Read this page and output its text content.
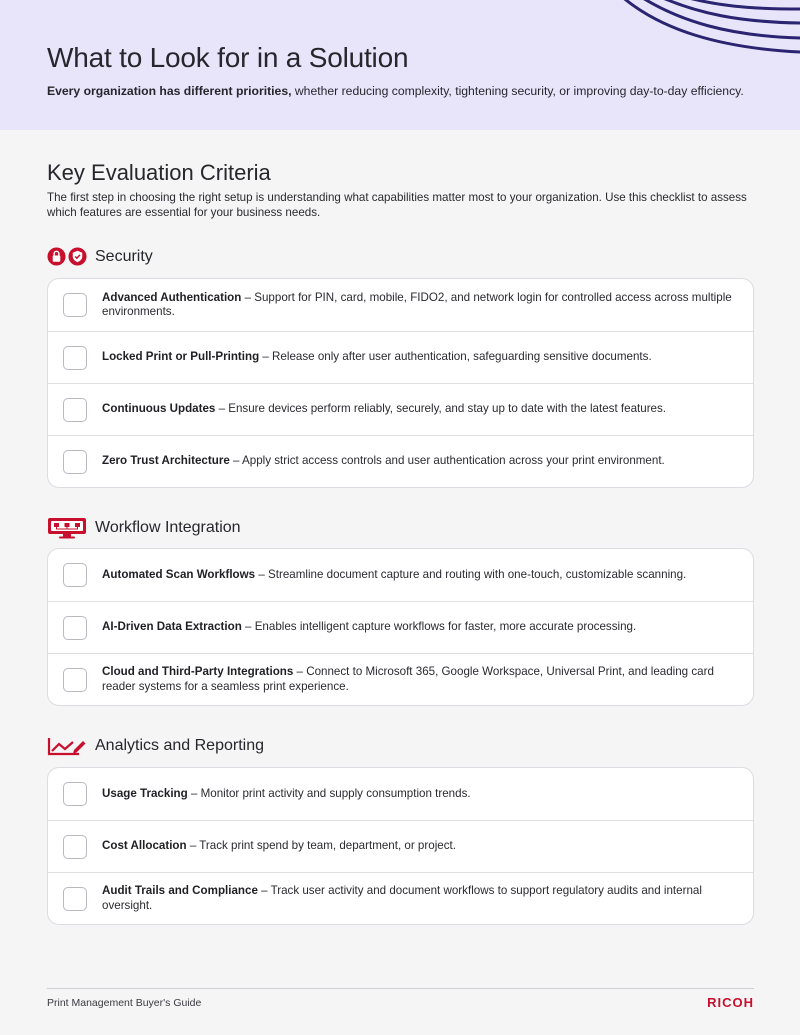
What to Look for in a Solution

Every organization has different priorities, whether reducing complexity, tightening security, or improving day-to-day efficiency.

Key Evaluation Criteria

The first step in choosing the right setup is understanding what capabilities matter most to your organization. Use this checklist to assess which features are essential for your business needs.

Security

Advanced Authentication – Support for PIN, card, mobile, FIDO2, and network login for controlled access across multiple environments.

Locked Print or Pull-Printing – Release only after user authentication, safeguarding sensitive documents.

Continuous Updates – Ensure devices perform reliably, securely, and stay up to date with the latest features.

Zero Trust Architecture – Apply strict access controls and user authentication across your print environment.

Workflow Integration

Automated Scan Workflows – Streamline document capture and routing with one-touch, customizable scanning.

AI-Driven Data Extraction – Enables intelligent capture workflows for faster, more accurate processing.

Cloud and Third-Party Integrations – Connect to Microsoft 365, Google Workspace, Universal Print, and leading card reader systems for a seamless print experience.

Analytics and Reporting

Usage Tracking – Monitor print activity and supply consumption trends.

Cost Allocation – Track print spend by team, department, or project.

Audit Trails and Compliance – Track user activity and document workflows to support regulatory audits and internal oversight.

Print Management Buyer's Guide	RICOH
